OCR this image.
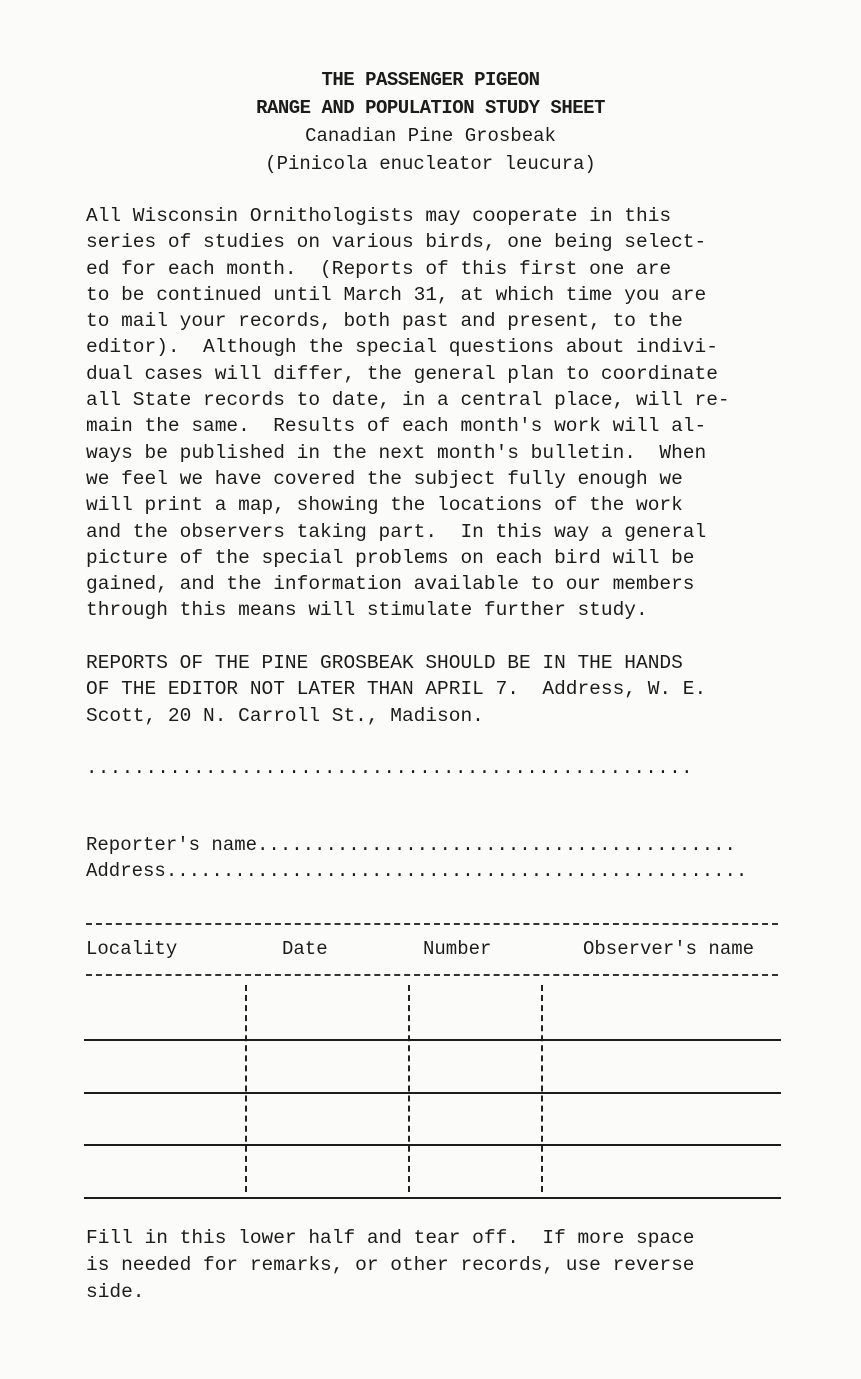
THE PASSENGER PIGEON
RANGE AND POPULATION STUDY SHEET
Canadian Pine Grosbeak
(Pinicola enucleator leucura)
All Wisconsin Ornithologists may cooperate in this
series of studies on various birds, one being select-
ed for each month.  (Reports of this first one are
to be continued until March 31, at which time you are
to mail your records, both past and present, to the
editor).  Although the special questions about indivi-
dual cases will differ, the general plan to coordinate
all State records to date, in a central place, will re-
main the same.  Results of each month's work will al-
ways be published in the next month's bulletin.  When
we feel we have covered the subject fully enough we
will print a map, showing the locations of the work
and the observers taking part.  In this way a general
picture of the special problems on each bird will be
gained, and the information available to our members
through this means will stimulate further study.
REPORTS OF THE PINE GROSBEAK SHOULD BE IN THE HANDS
OF THE EDITOR NOT LATER THAN APRIL 7.  Address, W. E.
Scott, 20 N. Carroll St., Madison.
...................................................
Reporter's name..........................................
Address...................................................
Locality	Date	Number	Observer's name
Fill in this lower half and tear off.  If more space
is needed for remarks, or other records, use reverse
side.
